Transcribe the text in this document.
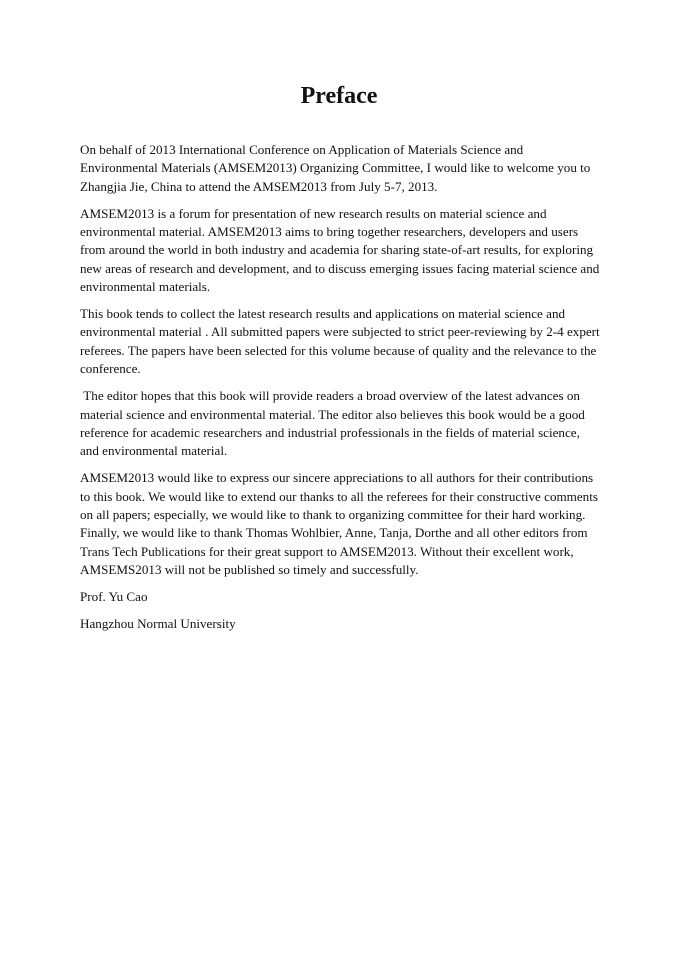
Preface

On behalf of 2013 International Conference on Application of Materials Science and Environmental Materials (AMSEM2013) Organizing Committee, I would like to welcome you to Zhangjia Jie, China to attend the AMSEM2013 from July 5-7, 2013.

AMSEM2013 is a forum for presentation of new research results on material science and environmental material. AMSEM2013 aims to bring together researchers, developers and users from around the world in both industry and academia for sharing state-of-art results, for exploring new areas of research and development, and to discuss emerging issues facing material science and environmental materials.

This book tends to collect the latest research results and applications on material science and environmental material . All submitted papers were subjected to strict peer-reviewing by 2-4 expert referees. The papers have been selected for this volume because of quality and the relevance to the conference.

The editor hopes that this book will provide readers a broad overview of the latest advances on material science and environmental material. The editor also believes this book would be a good reference for academic researchers and industrial professionals in the fields of material science, and environmental material.

AMSEM2013 would like to express our sincere appreciations to all authors for their contributions to this book. We would like to extend our thanks to all the referees for their constructive comments on all papers; especially, we would like to thank to organizing committee for their hard working. Finally, we would like to thank Thomas Wohlbier, Anne, Tanja, Dorthe and all other editors from Trans Tech Publications for their great support to AMSEM2013. Without their excellent work, AMSEMS2013 will not be published so timely and successfully.

Prof. Yu Cao

Hangzhou Normal University
